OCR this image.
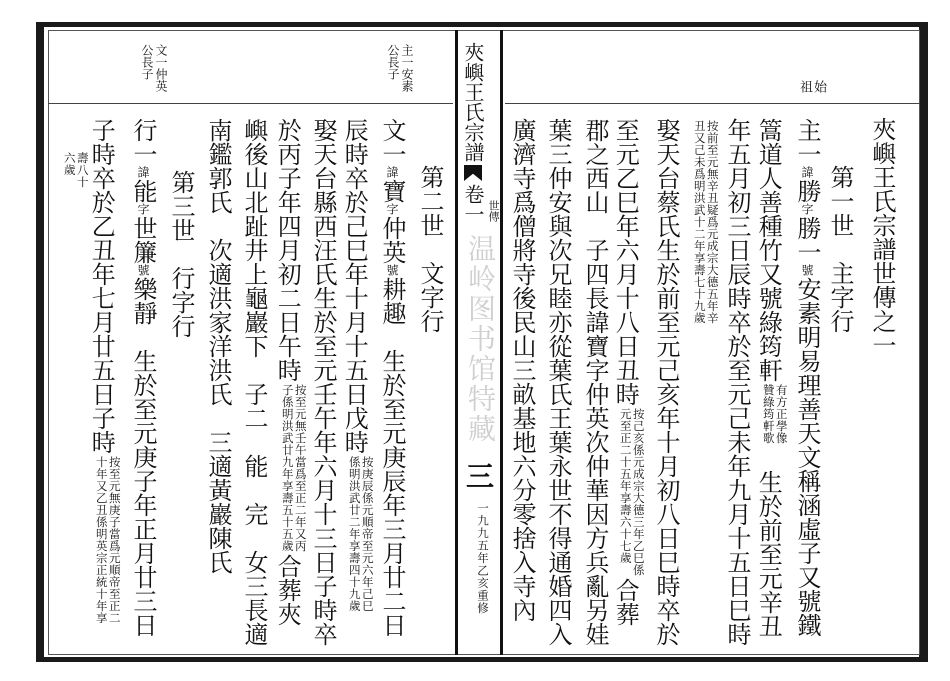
始祖
夾嶼王氏宗譜世傳之一
第一世　主字行
主一諱勝字勝一號安素明易理善天文稱涵虛子又號鐵
篙道人善種竹又號綠筠軒
有方正學像
贊綠筠軒歌
　生於前至元辛丑
年五月初三日辰時卒於至元己未年九月十五日巳時
按前至元無辛丑疑爲元成宗大德五年辛
丑又己未爲明洪武十二年享壽七十九歲
娶天台蔡氏生於前至元己亥年十月初八日巳時卒於
至元乙巳年六月十八日丑時
按己亥係元成宗大德三年乙巳係
元至正二十五年享壽六十七歲
合葬
郡之西山　子四長諱寶字仲英次仲華因方兵亂另娃
葉三仲安與次兄睦亦從葉氏王葉永世不得通婚四入
廣濟寺爲僧將寺後民山三畝基地六分零捨入寺內
第二世　文字行
文一諱寶字仲英號耕趣　生於至元庚辰年三月廿二日
辰時卒於己巳年十月十五日戊時
按庚辰係元順帝至元六年己巳
係明洪武廿二年享壽四十九歲
娶天台縣西汪氏生於至元壬午年六月十三日子時卒
於丙子年四月初二日午時
按至元無壬午當爲至正二年又丙
子係明洪武廿九年享壽五十五歲
合葬夾
嶼後山北趾井上龜巖下　子二　能　完　女三長適
南鑑郭氏　次適洪家洋洪氏　三適黃巖陳氏
第三世　行字行
行一諱能字世簾號樂靜　生於至元庚子年正月廿三日
子時卒於乙丑年七月廿五日子時
按至元無庚子當爲元順帝至正二
十年又乙丑係明英宗正統十年享
壽八十
六歲
主一安素
公長子
文一仲英
公長子	夾嶼王氏宗譜卷一 世傳
温岭图书馆特藏
三
一九九五年乙亥重修
